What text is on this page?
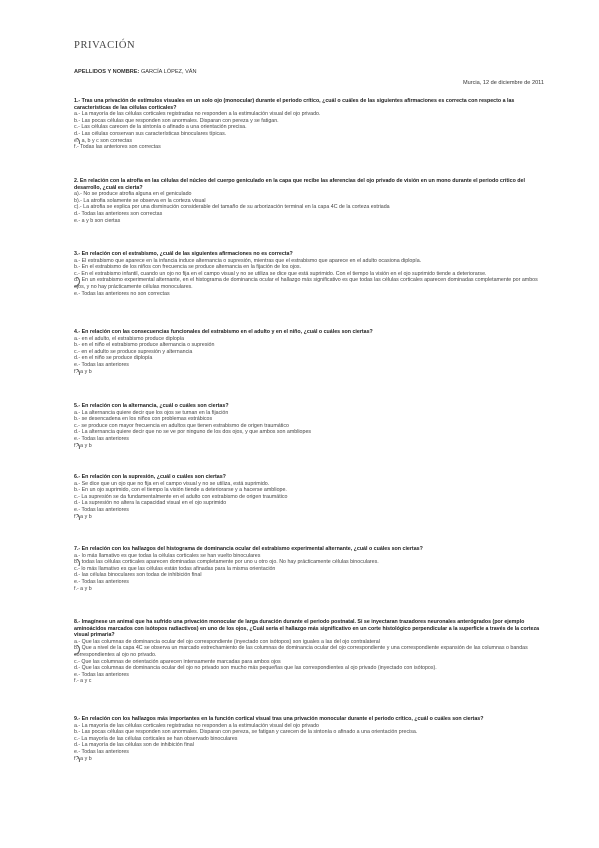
PRIVACIÓN
APELLIDOS Y NOMBRE: GARCÍA LÓPEZ, VÁN
Murcia, 12 de diciembre de 2011
1.- Tras una privación de estímulos visuales en un solo ojo (monocular) durante el periodo crítico, ¿cuál o cuáles de las siguientes afirmaciones es correcta con respecto a las características de las células corticales?
a.- La mayoría de las células corticales registradas no responden a la estimulación visual del ojo privado.
b.- Las pocas células que responden son anormales. Disparan con pereza y se fatigan.
c.- Las células carecen de la sintonía o afinado a una orientación precisa.
d.- Las células conservan sus características binoculares típicas.
e.- a, b y c son correctas
f.- Todas las anteriores son correctas
2. En relación con la atrofia en las células del núcleo del cuerpo geniculado en la capa que recibe las aferencias del ojo privado de visión en un mono durante el periodo crítico del desarrollo, ¿cuál es cierta?
a).- No se produce atrofia alguna en el geniculado
b).- La atrofia solamente se observa en la corteza visual
c).- La atrofia se explica por una disminución considerable del tamaño de su arborización terminal en la capa 4C de la corteza estriada
d.- Todas las anteriores son correctas
e.- a y b son ciertas
3.- En relación con el estrabismo, ¿cuál de las siguientes afirmaciones no es correcta?
a.- El estrabismo que aparece en la infancia induce alternancia o supresión, mientras que el estrabismo que aparece en el adulto ocasiona diplopía.
b.- En el estrabismo de los niños con frecuencia se produce alternancia en la fijación de los ojos.
c.- En el estrabismo infantil, cuando un ojo no fija en el campo visual y no se utiliza se dice que está suprimido. Con el tiempo la visión en el ojo suprimido tiende a deteriorarse.
d.- En un estrabismo experimental alternante, en el histograma de dominancia ocular el hallazgo más significativo es que todas las células corticales aparecen dominadas completamente por ambos ojos, y no hay prácticamente células monoculares.
e.- Todas las anteriores no son correctas
4.- En relación con las consecuencias funcionales del estrabismo en el adulto y en el niño, ¿cuál o cuáles son ciertas?
a.- en el adulto, el estrabismo produce diplopía
b.- en el niño el estrabismo produce alternancia o supresión
c.- en el adulto se produce supresión y alternancia
d.- en el niño se produce diplopía
e.- Todas las anteriores
f.- a y b
5.- En relación con la alternancia, ¿cuál o cuáles son ciertas?
a.- La alternancia quiere decir que los ojos se turnan en la fijación
b.- se desencadena en los niños con problemas estrábicos
c.- se produce con mayor frecuencia en adultos que tienen estrabismo de origen traumático
d.- La alternancia quiere decir que no se ve por ninguno de los dos ojos, y que ambos son ambliopes
e.- Todas las anteriores
f.- a y b
6.- En relación con la supresión, ¿cuál o cuáles son ciertas?
a.- Se dice que un ojo que no fija en el campo visual y no se utiliza, está suprimido.
b.- En un ojo suprimido, con el tiempo la visión tiende a deteriorarse y a hacerse ambliope.
c.- La supresión se da fundamentalmente en el adulto con estrabismo de origen traumático
d.- La supresión no altera la capacidad visual en el ojo suprimido
e.- Todas las anteriores
f.- a y b
7.- En relación con los hallazgos del histograma de dominancia ocular del estrabismo experimental alternante, ¿cuál o cuáles son ciertas?
a.- lo más llamativo es que todas la células corticales se han vuelto binoculares
b.- todas las células corticales aparecen dominadas completamente por uno u otro ojo. No hay prácticamente células binoculares.
c.- lo más llamativo es que las células están todas afinadas para la misma orientación
d.- las células binoculares son todas de inhibición final
e.- Todas las anteriores
f.- a y b
8.- Imagínese un animal que ha sufrido una privación monocular de larga duración durante el periodo postnatal. Si se inyectaran trazadores neuronales anterógrados (por ejemplo aminoácidos marcados con isótopos radiactivos) en uno de los ojos, ¿Cuál sería el hallazgo más significativo en un corte histológico perpendicular a la superficie a través de la corteza visual primaria?
a.- Que las columnas de dominancia ocular del ojo correspondiente (inyectado con isótopos) son iguales a las del ojo contralateral
b.- Que a nivel de la capa 4C se observa un marcado estrechamiento de las columnas de dominancia ocular del ojo correspondiente y una correspondiente expansión de las columnas o bandas correspondientes al ojo no privado.
c.- Que las columnas de orientación aparecen intensamente marcadas para ambos ojos
d.- Que las columnas de dominancia ocular del ojo no privado son mucho más pequeñas que las correspondientes al ojo privado (inyectado con isótopos).
e.- Todas las anteriores
f.- a y c
9.- En relación con los hallazgos más importantes en la función cortical visual tras una privación monocular durante el periodo crítico, ¿cuál o cuáles son ciertas?
a.- La mayoría de las células corticales registradas no responden a la estimulación visual del ojo privado
b.- Las pocas células que responden son anormales. Disparan con pereza, se fatigan y carecen de la sintonía o afinado a una orientación precisa.
c.- La mayoría de las células corticales se han observado binoculares
d.- La mayoría de las células son de inhibición final
e.- Todas las anteriores
f.- a y b
